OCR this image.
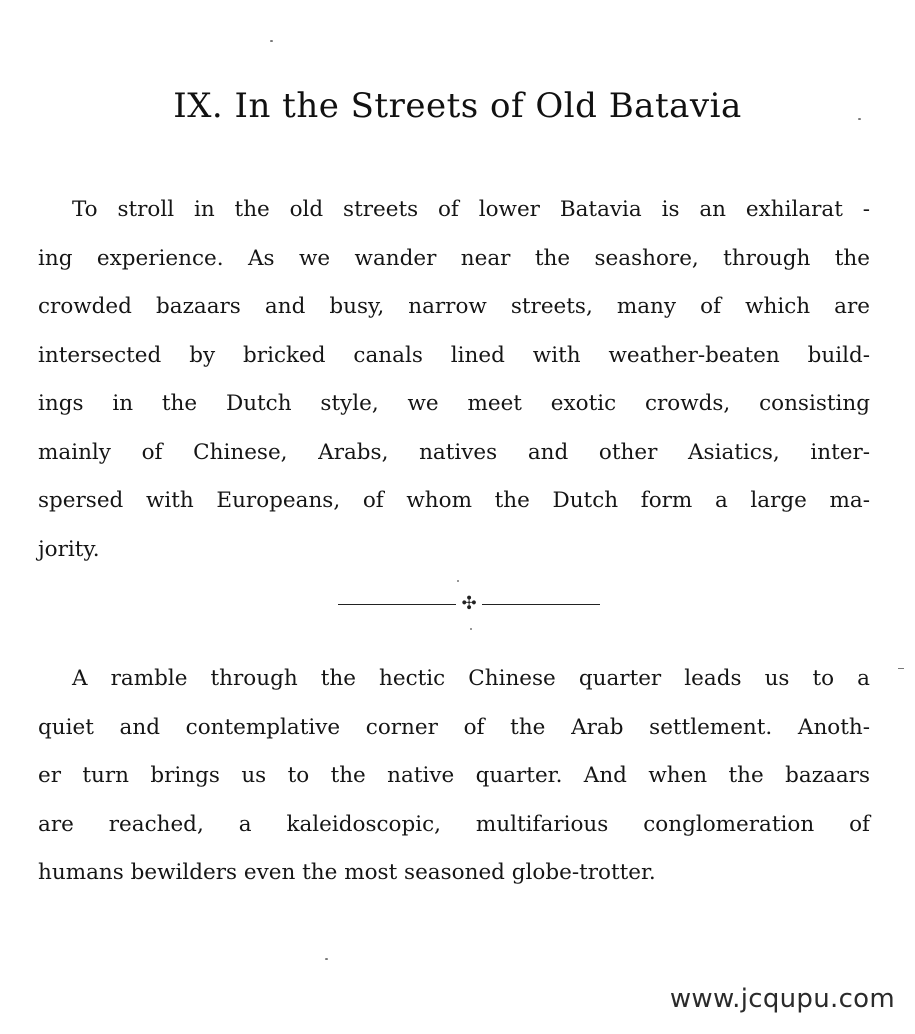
IX. In the Streets of Old Batavia
To stroll in the old streets of lower Batavia is an exhilarat -
ing experience. As we wander near the seashore, through the
crowded bazaars and busy, narrow streets, many of which are
intersected by bricked canals lined with weather-beaten build-
ings in the Dutch style, we meet exotic crowds, consisting
mainly of Chinese, Arabs, natives and other Asiatics, inter-
spersed with Europeans, of whom the Dutch form a large ma-
jority.
✣
A ramble through the hectic Chinese quarter leads us to a
quiet and contemplative corner of the Arab settlement. Anoth-
er turn brings us to the native quarter. And when the bazaars
are reached, a kaleidoscopic, multifarious conglomeration of
humans bewilders even the most seasoned globe-trotter.
www.jcqupu.com
